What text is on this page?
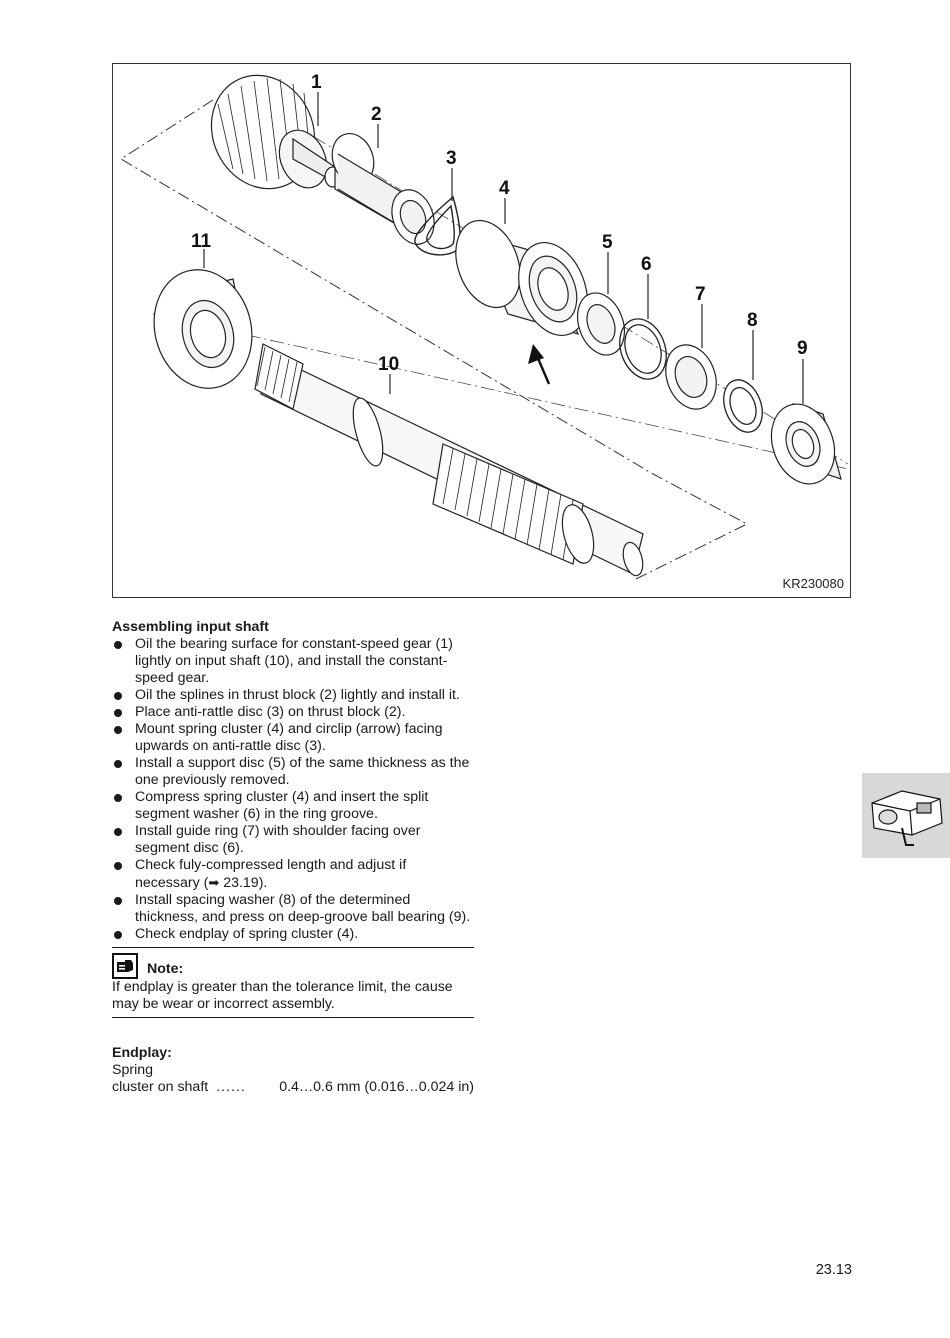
1
2
3
4
5
6
7
8
9
10
11
KR230080

Assembling input shaft

Oil the bearing surface for constant-speed gear (1) lightly on input shaft (10), and install the constant-speed gear.
Oil the splines in thrust block (2) lightly and install it.
Place anti-rattle disc (3) on thrust block (2).
Mount spring cluster (4) and circlip (arrow) facing upwards on anti-rattle disc (3).
Install a support disc (5) of the same thickness as the one previously removed.
Compress spring cluster (4) and insert the split segment washer (6) in the ring groove.
Install guide ring (7) with shoulder facing over segment disc (6).
Check fuly-compressed length and adjust if necessary (➡ 23.19).
Install spacing washer (8) of the determined thickness, and press on deep-groove ball bearing (9).
Check endplay of spring cluster (4).
Note:
If endplay is greater than the tolerance limit, the cause may be wear or incorrect assembly.
Endplay:
Spring
cluster on shaft ......	0.4…0.6 mm (0.016…0.024 in)
23.13
